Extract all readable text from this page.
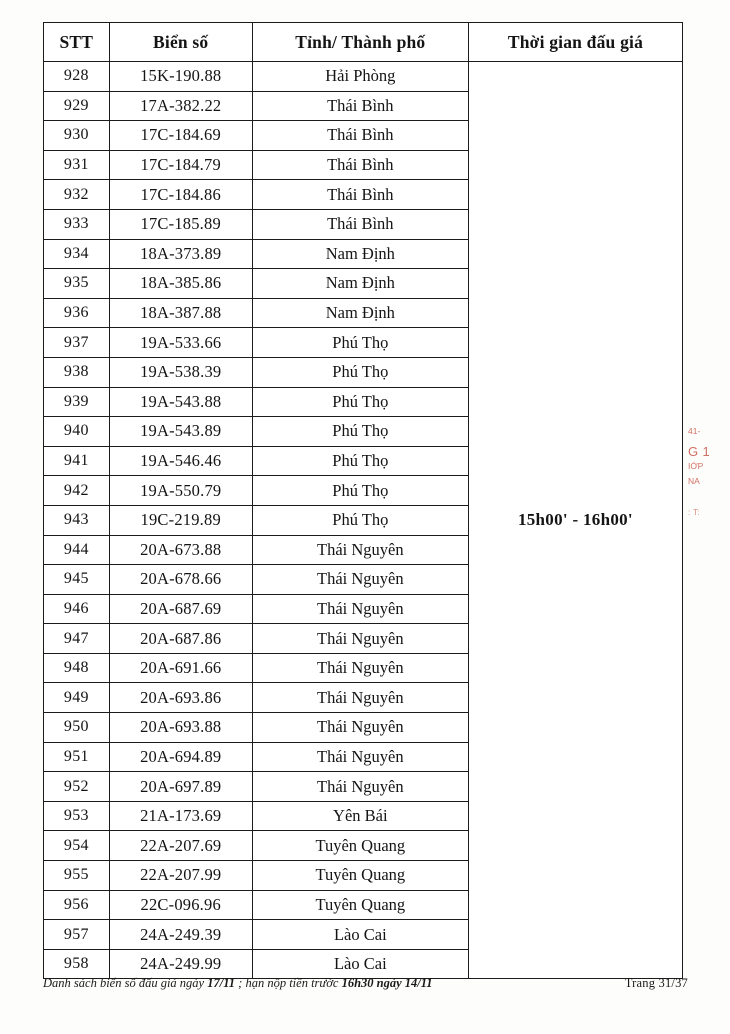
STT	Biển số	Tỉnh/ Thành phố	Thời gian đấu giá
928	15K-190.88	Hải Phòng	15h00' - 16h00'
929	17A-382.22	Thái Bình	
930	17C-184.69	Thái Bình	
931	17C-184.79	Thái Bình	
932	17C-184.86	Thái Bình	
933	17C-185.89	Thái Bình	
934	18A-373.89	Nam Định	
935	18A-385.86	Nam Định	
936	18A-387.88	Nam Định	
937	19A-533.66	Phú Thọ	
938	19A-538.39	Phú Thọ	
939	19A-543.88	Phú Thọ	
940	19A-543.89	Phú Thọ	
941	19A-546.46	Phú Thọ	
942	19A-550.79	Phú Thọ	
943	19C-219.89	Phú Thọ	
944	20A-673.88	Thái Nguyên	
945	20A-678.66	Thái Nguyên	
946	20A-687.69	Thái Nguyên	
947	20A-687.86	Thái Nguyên	
948	20A-691.66	Thái Nguyên	
949	20A-693.86	Thái Nguyên	
950	20A-693.88	Thái Nguyên	
951	20A-694.89	Thái Nguyên	
952	20A-697.89	Thái Nguyên	
953	21A-173.69	Yên Bái	
954	22A-207.69	Tuyên Quang	
955	22A-207.99	Tuyên Quang	
956	22C-096.96	Tuyên Quang	
957	24A-249.39	Lào Cai	
958	24A-249.99	Lào Cai	
Danh sách biển số đấu giá ngày 17/11 ; hạn nộp tiền trước 16h30 ngày 14/11	Trang 31/37
41-
G 1
IỚP
NA
: T:
